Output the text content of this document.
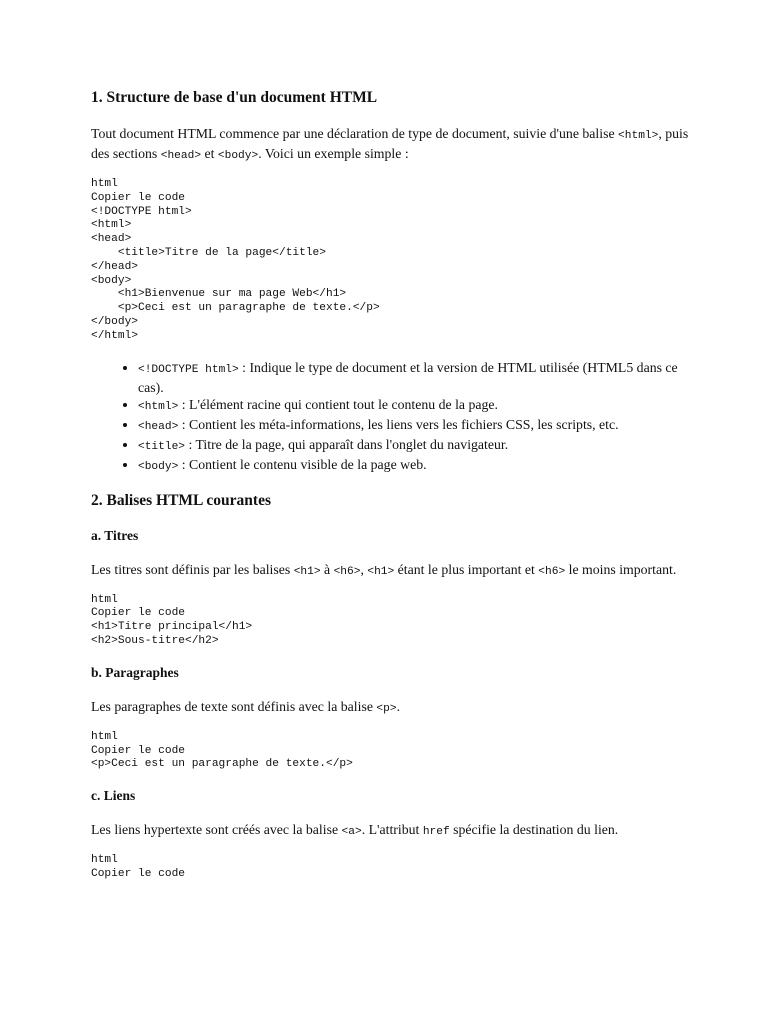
1. Structure de base d'un document HTML

Tout document HTML commence par une déclaration de type de document, suivie d'une balise <html>, puis des sections <head> et <body>. Voici un exemple simple :

html
Copier le code
<!DOCTYPE html>
<html>
<head>
<title>Titre de la page</title>
</head>
<body>
<h1>Bienvenue sur ma page Web</h1>
<p>Ceci est un paragraphe de texte.</p>
</body>
</html>
• <!DOCTYPE html> : Indique le type de document et la version de HTML utilisée (HTML5 dans ce cas).
• <html> : L'élément racine qui contient tout le contenu de la page.
• <head> : Contient les méta-informations, les liens vers les fichiers CSS, les scripts, etc.
• <title> : Titre de la page, qui apparaît dans l'onglet du navigateur.
• <body> : Contient le contenu visible de la page web.
2. Balises HTML courantes
a. Titres

Les titres sont définis par les balises <h1> à <h6>, <h1> étant le plus important et <h6> le moins important.

html
Copier le code
<h1>Titre principal</h1>
<h2>Sous-titre</h2>
b. Paragraphes

Les paragraphes de texte sont définis avec la balise <p>.

html
Copier le code
<p>Ceci est un paragraphe de texte.</p>
c. Liens

Les liens hypertexte sont créés avec la balise <a>. L'attribut href spécifie la destination du lien.

html
Copier le code
